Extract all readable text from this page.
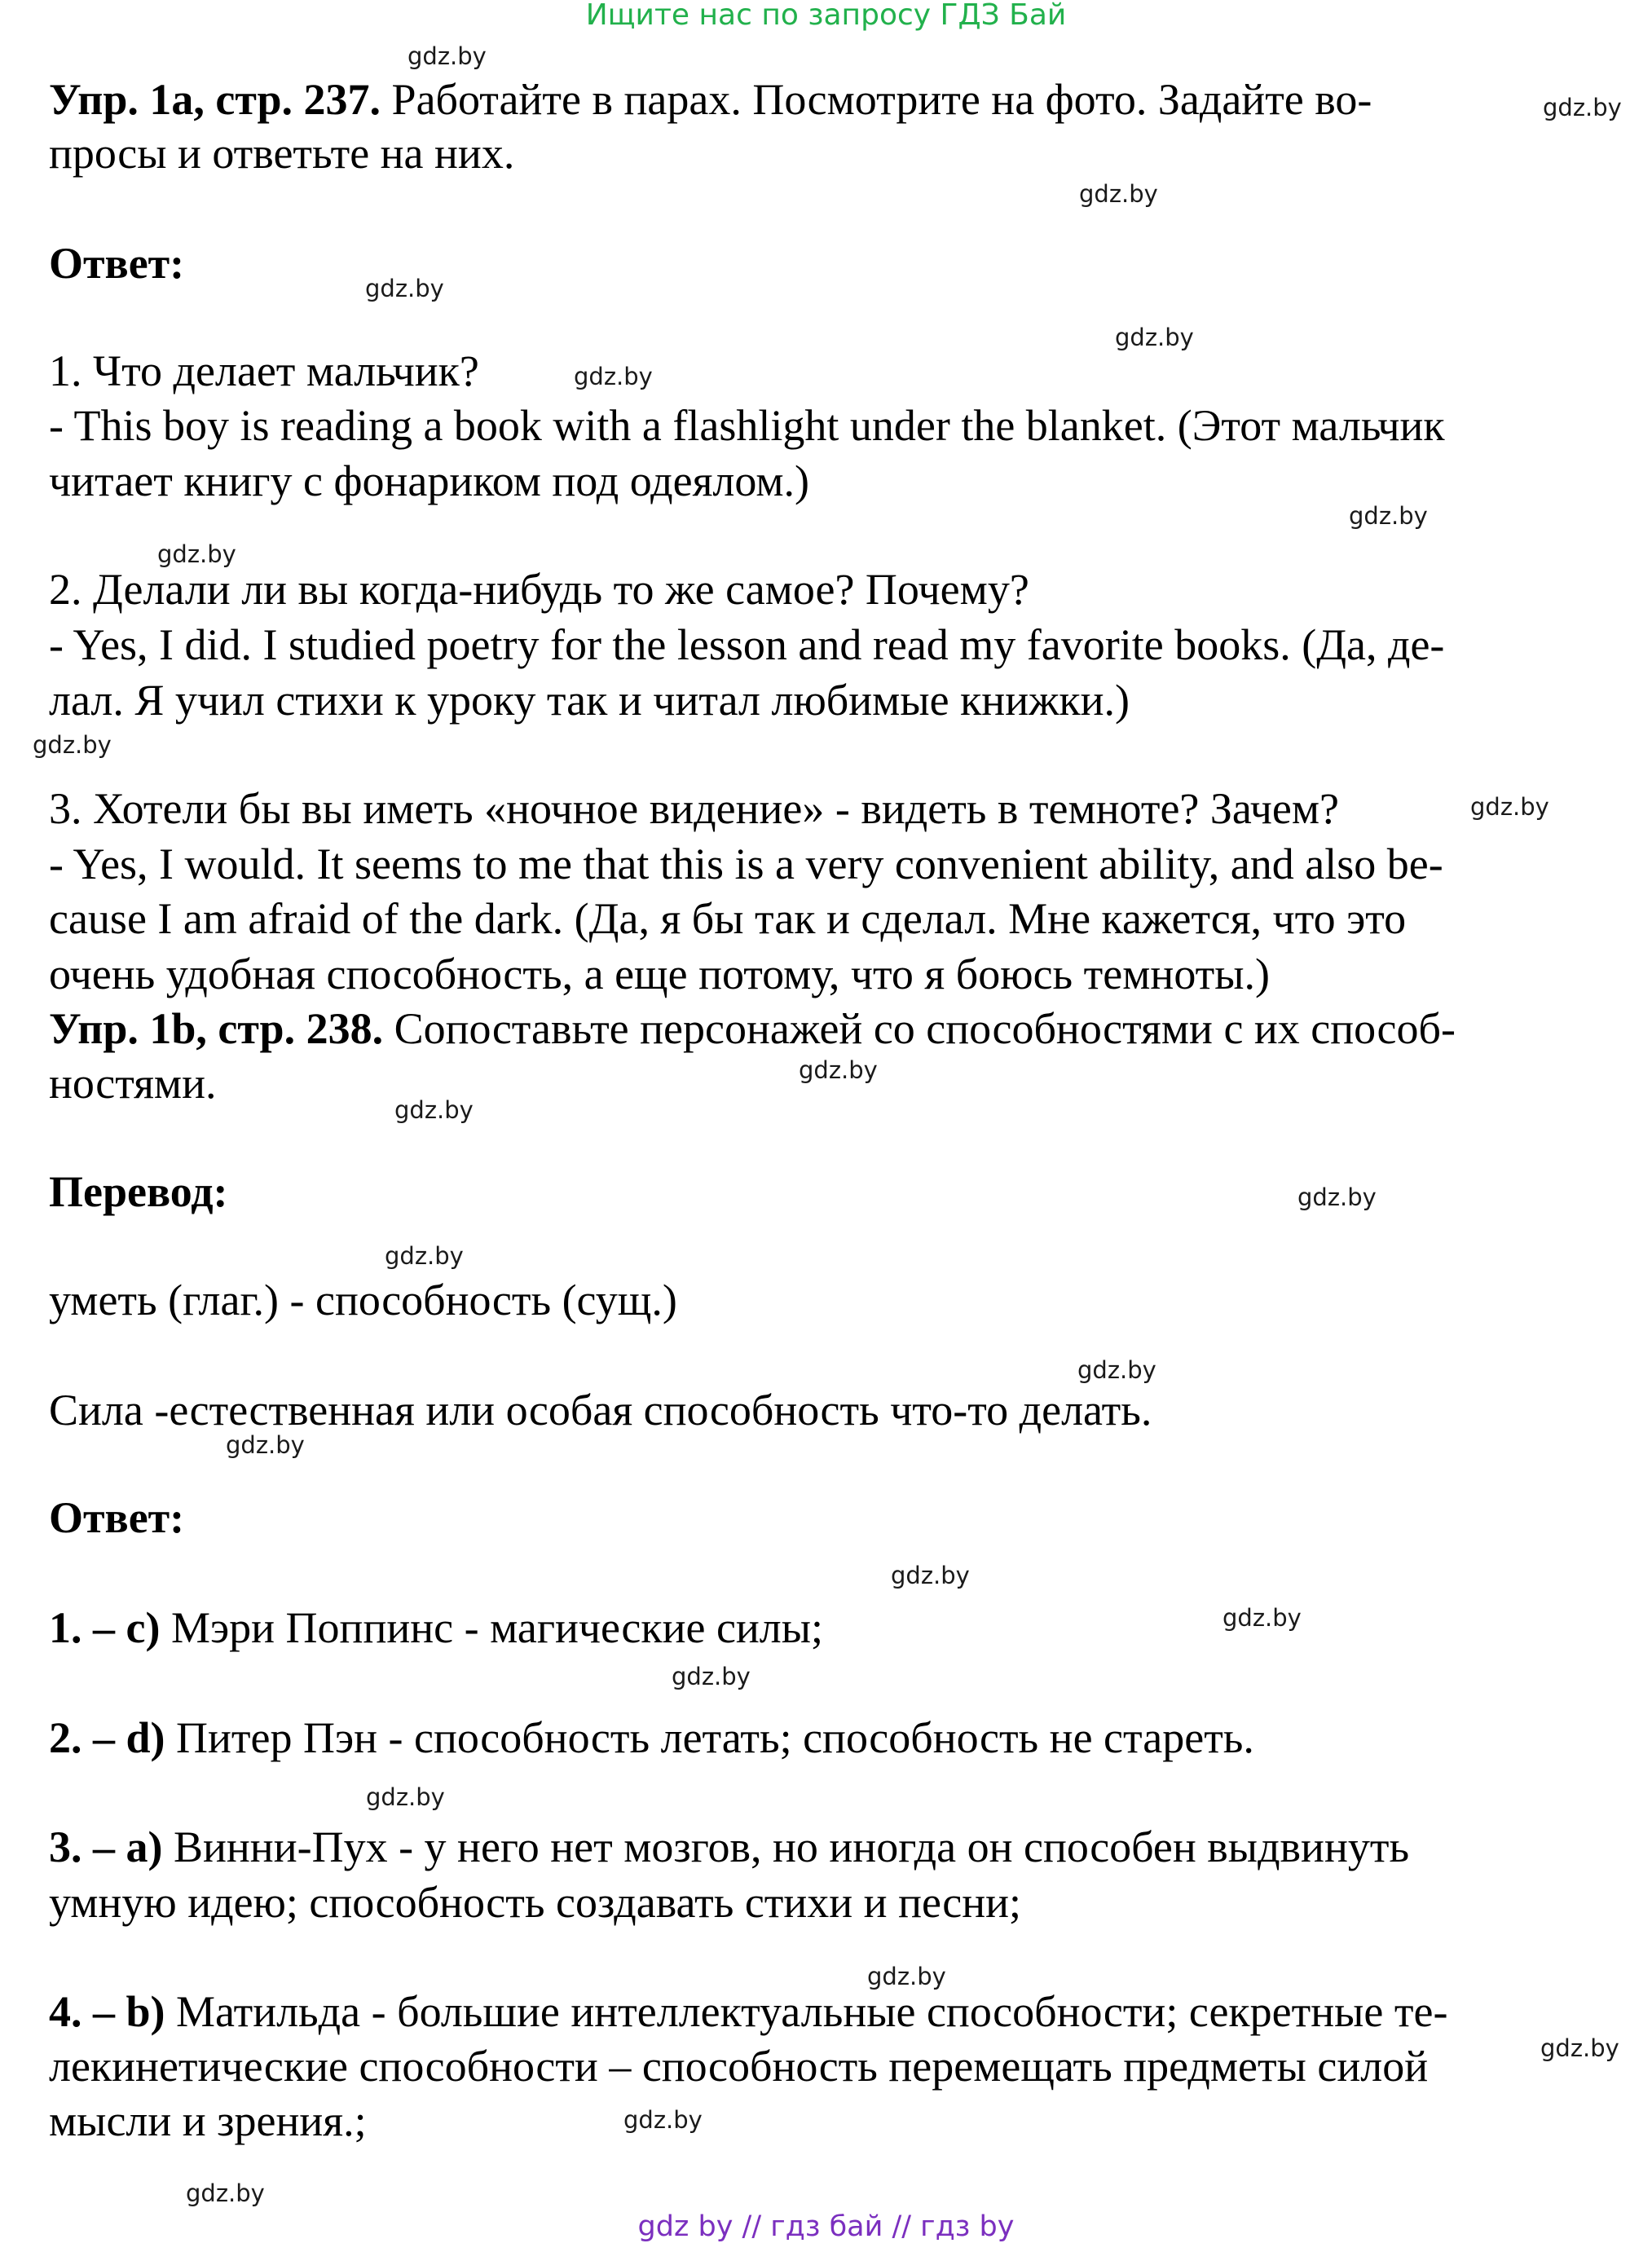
Ищите нас по запросу ГДЗ Бай
Упр. 1а, стр. 237. Работайте в парах. Посмотрите на фото. Задайте во-
просы и ответьте на них.
Ответ:
1. Что делает мальчик?
- This boy is reading a book with a flashlight under the blanket. (Этот мальчик
читает книгу с фонариком под одеялом.)
2. Делали ли вы когда-нибудь то же самое? Почему?
- Yes, I did. I studied poetry for the lesson and read my favorite books. (Да, де-
лал. Я учил стихи к уроку так и читал любимые книжки.)
3. Хотели бы вы иметь «ночное видение» - видеть в темноте? Зачем?
- Yes, I would. It seems to me that this is a very convenient ability, and also be-
cause I am afraid of the dark. (Да, я бы так и сделал. Мне кажется, что это
очень удобная способность, а еще потому, что я боюсь темноты.)
Упр. 1b, стр. 238. Сопоставьте персонажей со способностями с их способ-
ностями.
Перевод:
уметь (глаг.) - способность (сущ.)
Сила -естественная или особая способность что-то делать.
Ответ:
1. – c) Мэри Поппинс - магические силы;
2. – d) Питер Пэн - способность летать; способность не стареть.
3. – a) Винни-Пух - у него нет мозгов, но иногда он способен выдвинуть
умную идею; способность создавать стихи и песни;
4. – b) Матильда - большие интеллектуальные способности; секретные те-
лекинетические способности – способность перемещать предметы силой
мысли и зрения.;
gdz.by
gdz.by
gdz.by
gdz.by
gdz.by
gdz.by
gdz.by
gdz.by
gdz.by
gdz.by
gdz.by
gdz.by
gdz.by
gdz.by
gdz.by
gdz.by
gdz.by
gdz.by
gdz.by
gdz.by
gdz.by
gdz.by
gdz.by
gdz.by
gdz by // гдз бай // гдз by
